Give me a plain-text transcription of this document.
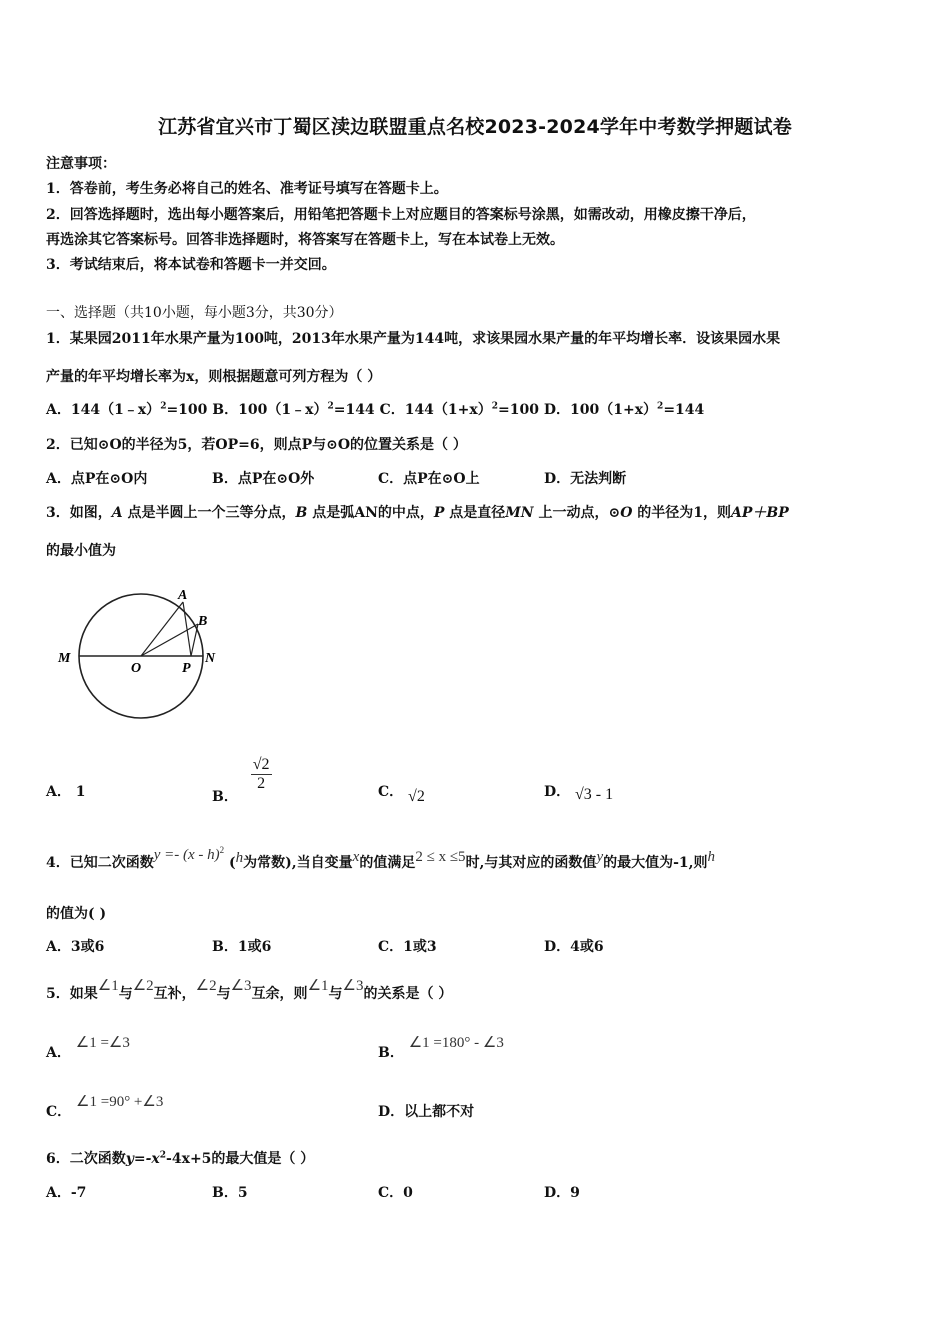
江苏省宜兴市丁蜀区渎边联盟重点名校2023-2024学年中考数学押题试卷
注意事项：
1．答卷前，考生务必将自己的姓名、准考证号填写在答题卡上。
2．回答选择题时，选出每小题答案后，用铅笔把答题卡上对应题目的答案标号涂黑，如需改动，用橡皮擦干净后，
再选涂其它答案标号。回答非选择题时，将答案写在答题卡上，写在本试卷上无效。
3．考试结束后，将本试卷和答题卡一并交回。
一、选择题（共10小题，每小题3分，共30分）
1．某果园2011年水果产量为100吨，2013年水果产量为144吨，求该果园水果产量的年平均增长率．设该果园水果
产量的年平均增长率为x，则根据题意可列方程为（ ）
A．144（1﹣x）$^2$=100 B．100（1﹣x）$^2$=144 C．$144(1+x)^2=100$ D．$100(1+x)^2=144$
2．已知⊙O的半径为5，若OP=6，则点P与⊙O的位置关系是（ ）
A．点P在⊙O内	B．点P在⊙O外	C．点P在⊙O上	D．无法判断
3．如图，A 点是半圆上一个三等分点，B 点是弧AN的中点，P 点是直径MN 上一动点，⊙O 的半径为1，则AP＋BP
的最小值为
M
O	P
N
A
B
A． 1	B．
$\frac{√2}{2}$	C． √2	D． √3 - 1
4．已知二次函数y =- (x - h)$^2$ (h为常数),当自变量x的值满足2 ≤ x ≤5时,与其对应的函数值y的最大值为-1,则h
的值为( )
A．3或6	B．1或6	C．1或3	D．4或6
5．如果∠1与∠2互补，∠2与∠3互余，则∠1与∠3的关系是（ ）
A． ∠1 =∠3
B． ∠1 =180° - ∠3
C． ∠1 =90° +∠3
D．以上都不对
6．二次函数$y=-x^2-4x+5$的最大值是（ ）
A．-7	B．5	C．0	D．9
